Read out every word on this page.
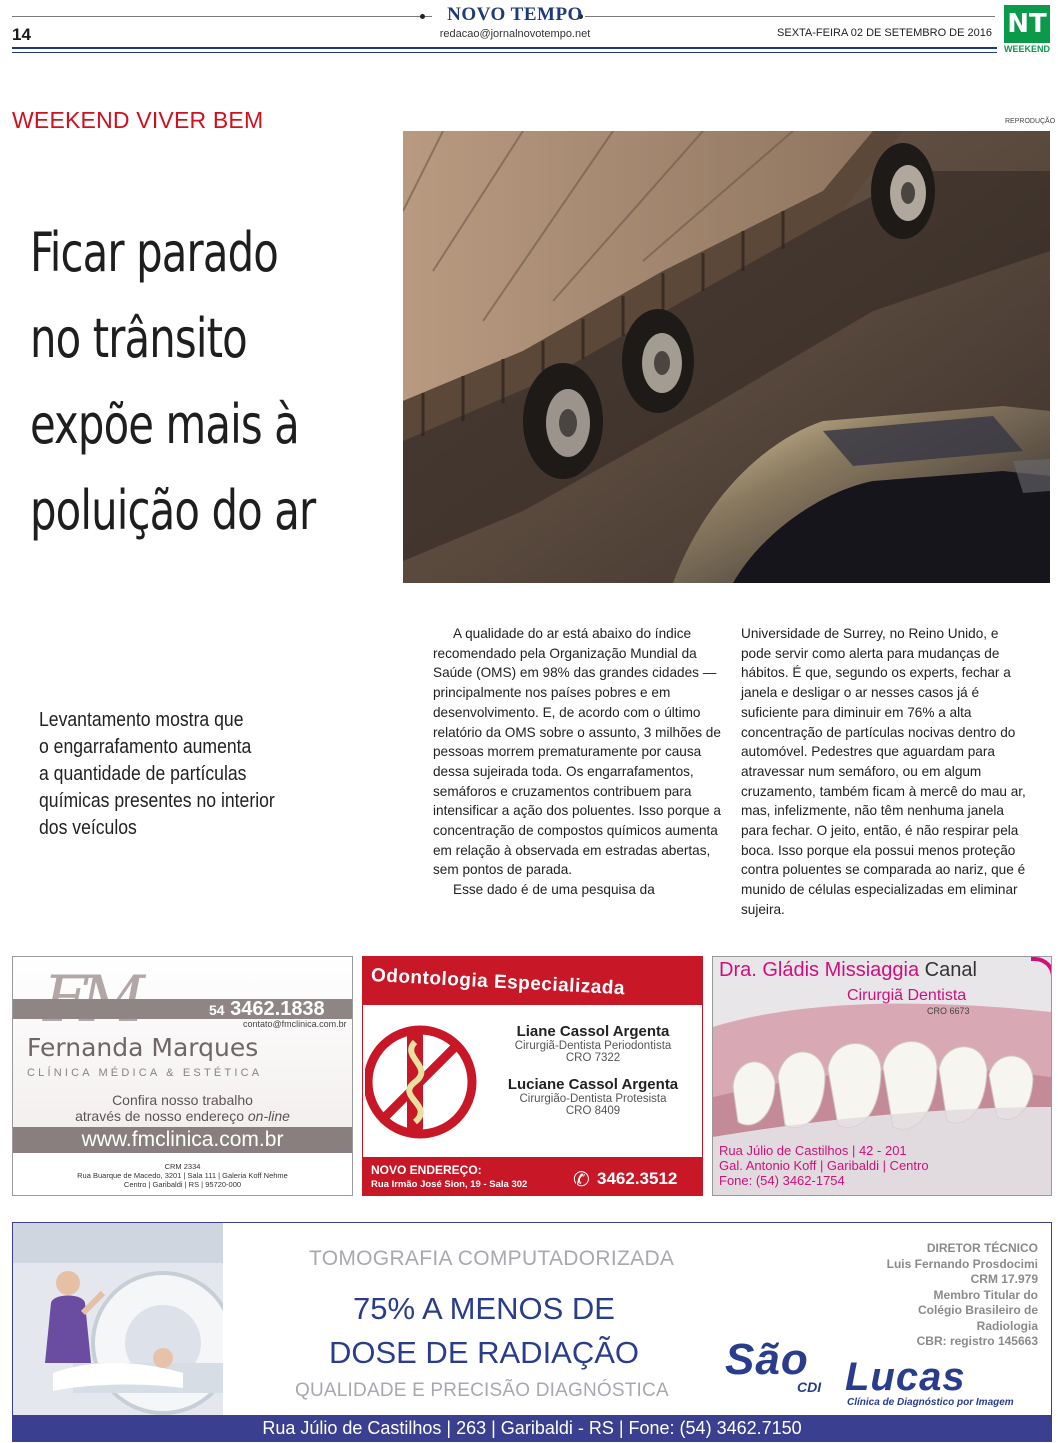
14
NOVO TEMPO
redacao@jornalnovotempo.net	SEXTA-FEIRA 02 DE SETEMBRO DE 2016 NT
WEEKEND
WEEKEND VIVER BEM	REPRODUÇÃO
Ficar parado
no trânsito
expõe mais à
poluição do ar
Levantamento mostra que
o engarrafamento aumenta
a quantidade de partículas
químicas presentes no interior
dos veículos

A qualidade do ar está abaixo do índice recomendado pela Organização Mundial da Saúde (OMS) em 98% das grandes cidades — principalmente nos países pobres e em desenvolvimento. E, de acordo com o último relatório da OMS sobre o assunto, 3 milhões de pessoas morrem prematuramente por causa dessa sujeirada toda. Os engarrafamentos, semáforos e cruzamentos contribuem para intensificar a ação dos poluentes. Isso porque a concentração de compostos químicos aumenta em relação à observada em estradas abertas, sem pontos de parada.

Esse dado é de uma pesquisa da

Universidade de Surrey, no Reino Unido, e pode servir como alerta para mudanças de hábitos. É que, segundo os experts, fechar a janela e desligar o ar nesses casos já é suficiente para diminuir em 76% a alta concentração de partículas nocivas dentro do automóvel. Pedestres que aguardam para atravessar num semáforo, ou em algum cruzamento, também ficam à mercê do mau ar, mas, infelizmente, não têm nenhuma janela para fechar. O jeito, então, é não respirar pela boca. Isso porque ela possui menos proteção contra poluentes se comparada ao nariz, que é munido de células especializadas em eliminar sujeira.

54 3462.1838
contato@fmclinica.com.br
Fernanda Marques
CLÍNICA MÉDICA & ESTÉTICA
Confira nosso trabalho
através de nosso endereço on-line
www.fmclinica.com.br
CRM 2334
Rua Buarque de Macedo, 3201 | Sala 111 | Galeria Koff Nehme
Centro | Garibaldi | RS | 95720-000
Odontologia Especializada
Liane Cassol Argenta
Cirurgiã-Dentista Periodontista
CRO 7322
Luciane Cassol Argenta
Cirurgião-Dentista Protesista
CRO 8409
NOVO ENDEREÇO:
Rua Irmão José Sion, 19 - Sala 302 ✆ 3462.3512
Dra. Gládis Missiaggia Canal
Cirurgiã Dentista
CRO 6673
Rua Júlio de Castilhos | 42 - 201
Gal. Antonio Koff | Garibaldi | Centro
Fone: (54) 3462-1754
TOMOGRAFIA COMPUTADORIZADA
75% A MENOS DE
DOSE DE RADIAÇÃO
QUALIDADE E PRECISÃO DIAGNÓSTICA
DIRETOR TÉCNICO
Luis Fernando Prosdocimi
CRM 17.979
Membro Titular do
Colégio Brasileiro de
Radiologia
CBR: registro 145663
São
CDI Lucas
Clínica de Diagnóstico por Imagem
Rua Júlio de Castilhos | 263 | Garibaldi - RS | Fone: (54) 3462.7150
